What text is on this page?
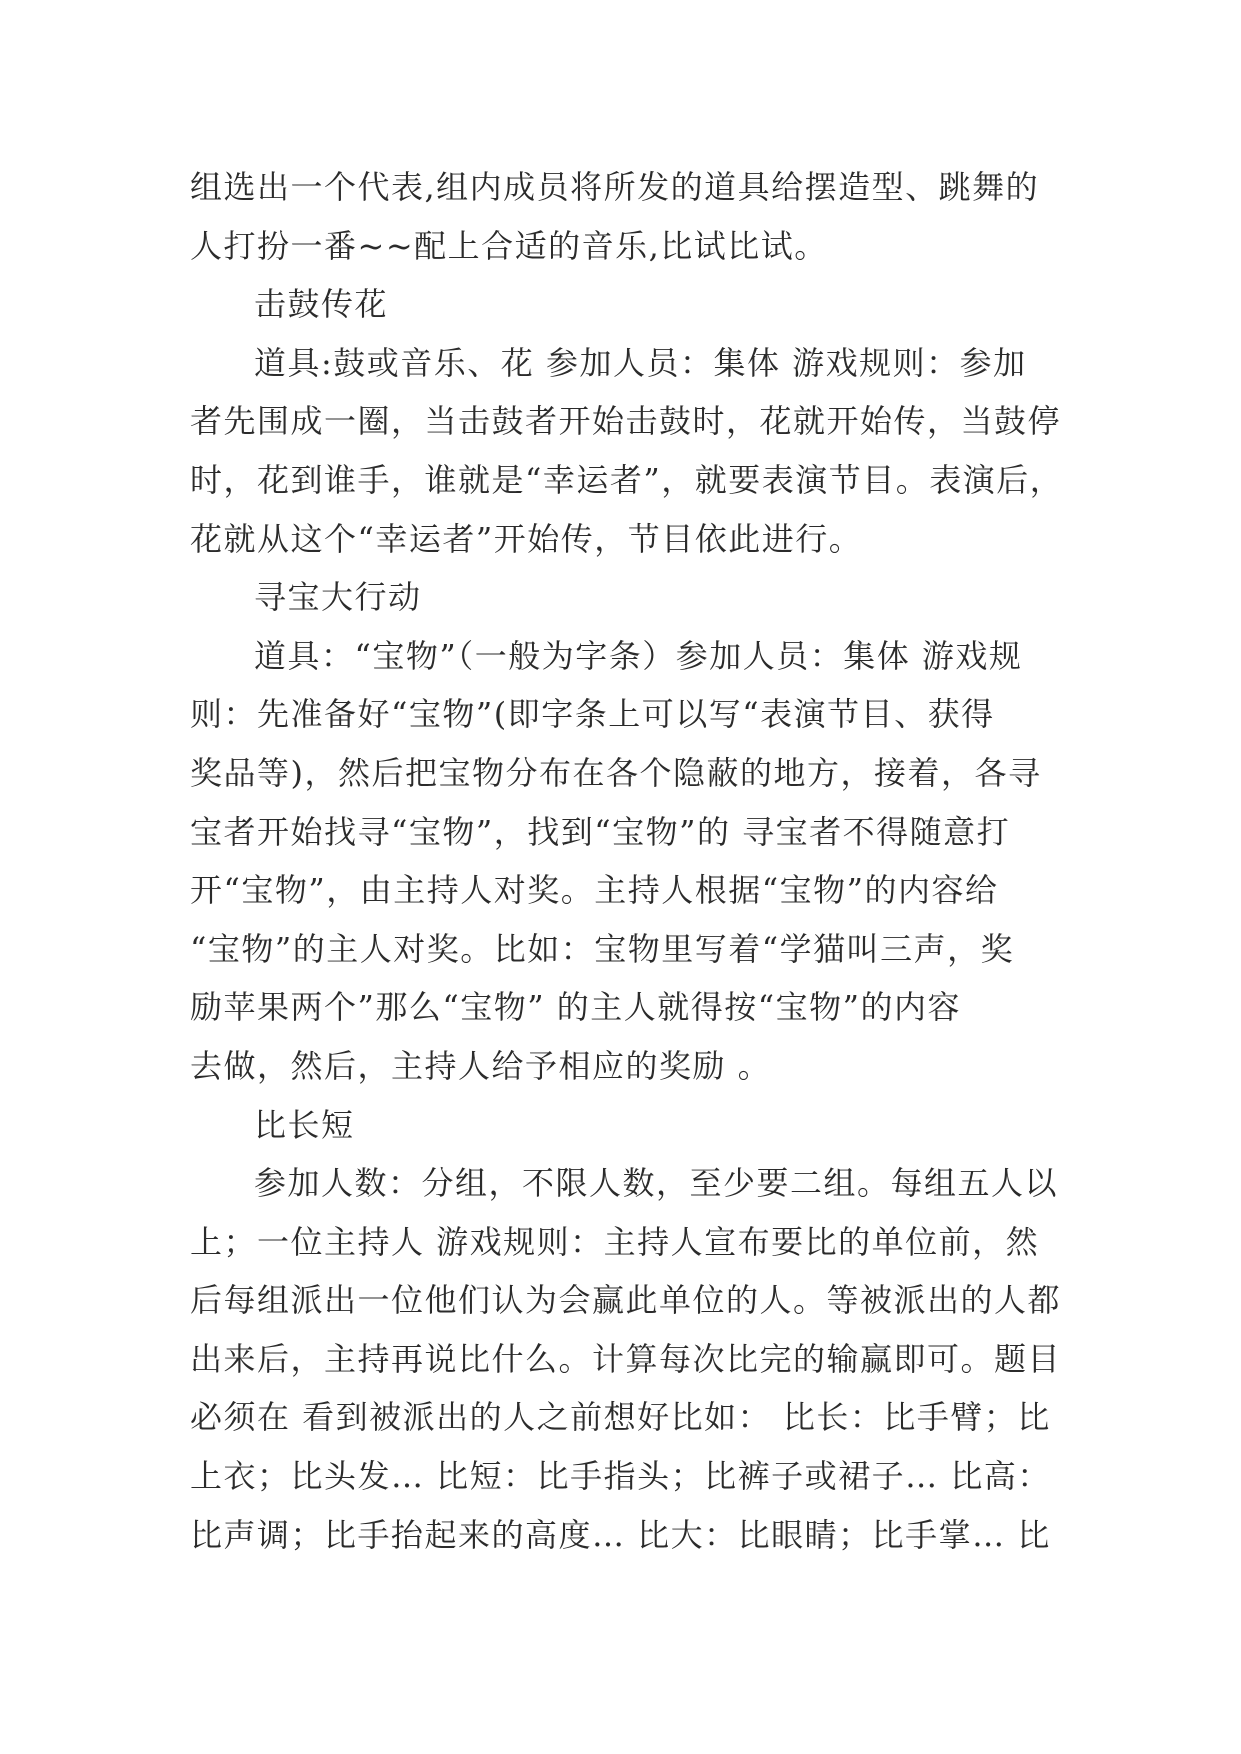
组选出一个代表,组内成员将所发的道具给摆造型、跳舞的
人打扮一番~~配上合适的音乐,比试比试。
击鼓传花
道具:鼓或音乐、花 参加人员：集体 游戏规则：参加
者先围成一圈，当击鼓者开始击鼓时，花就开始传，当鼓停
时，花到谁手，谁就是“幸运者”，就要表演节目。表演后，
花就从这个“幸运者”开始传，节目依此进行。
寻宝大行动
道具：“宝物”（一般为字条）参加人员：集体 游戏规
则：先准备好“宝物”(即字条上可以写“表演节目、获得
奖品等)，然后把宝物分布在各个隐蔽的地方，接着，各寻
宝者开始找寻“宝物”，找到“宝物”的 寻宝者不得随意打
开“宝物”，由主持人对奖。主持人根据“宝物”的内容给
“宝物”的主人对奖。比如：宝物里写着“学猫叫三声，奖
励苹果两个”那么“宝物” 的主人就得按“宝物”的内容
去做，然后，主持人给予相应的奖励 。
比长短
参加人数：分组，不限人数，至少要二组。每组五人以
上；一位主持人 游戏规则：主持人宣布要比的单位前，然
后每组派出一位他们认为会赢此单位的人。等被派出的人都
出来后，主持再说比什么。计算每次比完的输赢即可。题目
必须在 看到被派出的人之前想好比如： 比长：比手臂；比
上衣；比头发… 比短：比手指头；比裤子或裙子… 比高：
比声调；比手抬起来的高度… 比大：比眼睛；比手掌… 比
